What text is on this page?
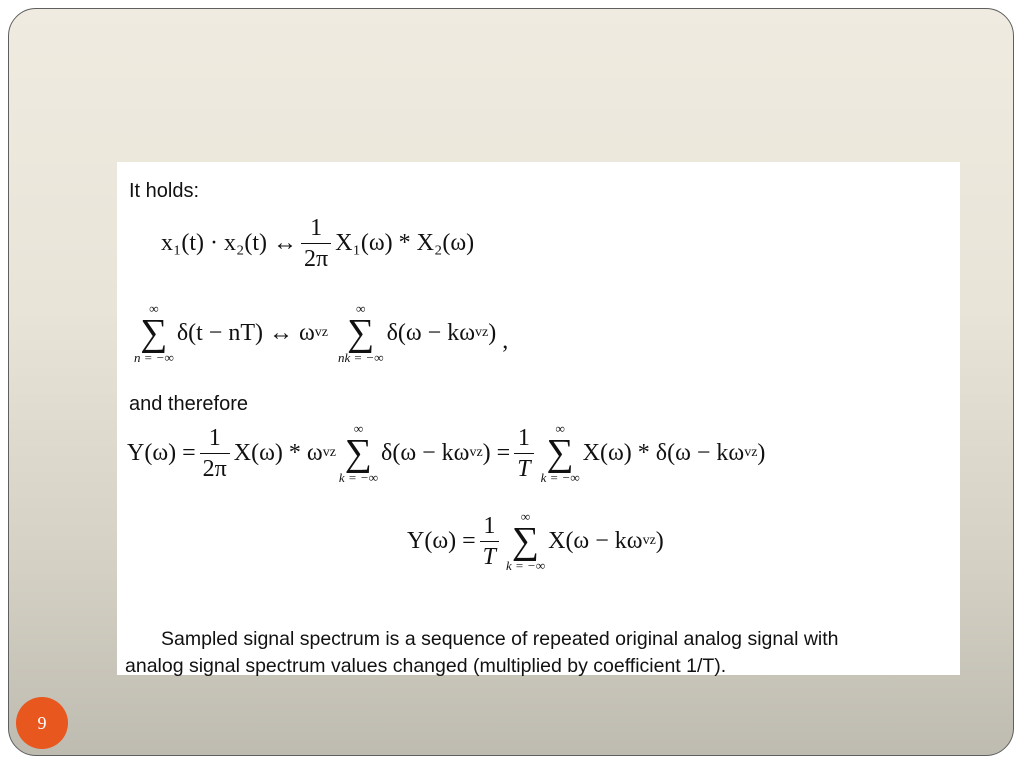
It holds:
x₁(t) · x₂(t) ↔ $\frac{1}{2\pi} X_1(\omega) * X_2(\omega)$
∞
∑
n = −∞
δ(t − nT) ↔ ω vz
∞
∑
nk = −∞
δ(ω − kω vz ) ,
and therefore
$Y(\omega) = \frac{1}{2\pi} X(\omega) * \omega$ vz
∞
∑
k = −∞
δ(ω − kω vz ) = $\frac{1}{T}$ ∞
∑
k = −∞
X(ω) * δ(ω − kω vz )
$Y(\omega) = \frac{1}{T}$ ∞
∑
k = −∞
X(ω − kω vz )
Sampled signal spectrum is a sequence of repeated original analog signal with
analog signal spectrum values changed (multiplied by coefficient 1/T).
9
